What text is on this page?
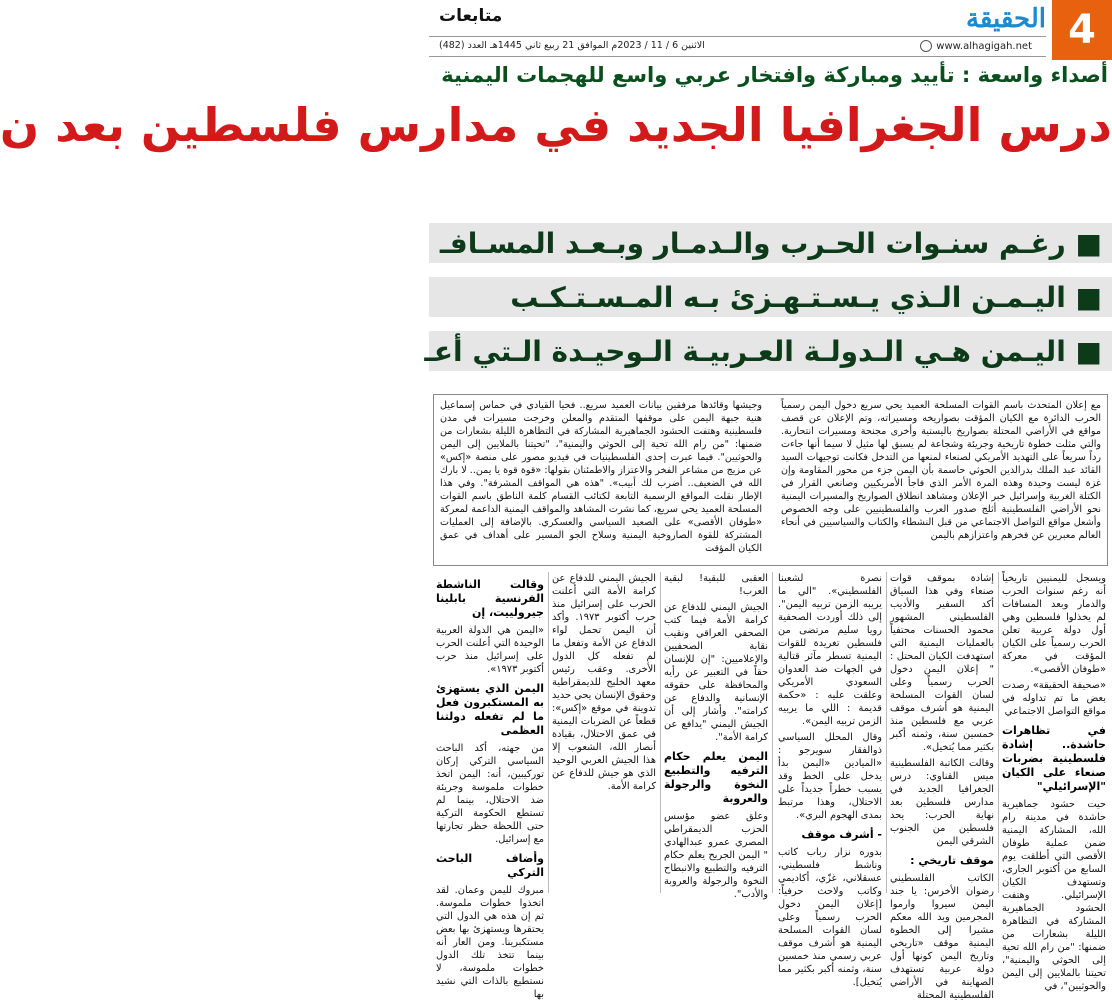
4
الحقيقة
www.alhagigah.net
متابعات
الاثنين 6 / 11 / 2023م الموافق 21 ربيع ثاني 1445هـ العدد (482)
أصداء واسعة : تأييد ومباركة وافتخار عربي واسع للهجمات اليمنية
درس الجغرافيا الجديد في مدارس فلسطين بعد ن
■ رغـم سنـوات الحـرب والـدمـار وبـعـد المسـافـ
■ اليـمـن الـذي يـسـتـهـزئ بـه المـسـتـكـب
■ اليـمن هـي الـدولـة العـربيـة الـوحيـدة الـتي أعـ
مع إعلان المتحدث باسم القوات المسلحة العميد يحي سريع دخول اليمن رسمياً الحرب الدائرة مع الكيان المؤقت بصواريخه ومسيراته، وتم الإعلان عن قصف مواقع في الأراضي المحتلة بصواريخ باليستية وأخرى مجنحة ومسيرات انتحارية. والتي مثلت خطوة تاريخية وجريئة وشجاعة لم يسبق لها مثيل لا سيما أنها جاءت رداً سريعاً على التهديد الأمريكي لصنعاء لمنعها من التدخل فكانت توجيهات السيد القائد عبد الملك بدرالدين الحوثي حاسمة بأن اليمن جزء من محور المقاومة وإن غزة ليست وحيدة وهذه المرة الأمر الذي فاجأ الأمريكيين وصانعي القرار في الكتلة الغربية وإسرائيل خبر الإعلان ومشاهد انطلاق الصواريخ والمسيرات اليمنية نحو الأراضي الفلسطينية أثلج صدور العرب والفلسطينيين على وجه الخصوص وأشعل مواقع التواصل الاجتماعي من قبل النشطاء والكتاب والسياسيين في أنحاء العالم معبرين عن فخرهم واعتزازهم باليمن
وجيشها وقائدها مرفقين بيانات العميد سريع.. فحيا القيادي في حماس إسماعيل هنية جبهة اليمن على موقفها المتقدم والمعلن وخرجت مسيرات في مدن فلسطينية وهتفت الحشود الجماهيرية المشاركة في التظاهرة الليلة بشعارات من ضمنها: "من رام الله تحية إلى الحوثي واليمنية"، "تحيتنا بالملايين إلى اليمن والحوثيين". فيما عبرت إحدى الفلسطينيات في فيديو مصور على منصة «إكس» عن مزيج من مشاعر الفخر والاعتزاز والاطمئنان بقولها: «قوة قوة يا يمن.. لا بارك الله في الضعيف.. أضرب لك أبيب». "هذه هي المواقف المشرفة". وفي هذا الإطار نقلت المواقع الرسمية التابعة لكتائب القسام كلمة الناطق باسم القوات المسلحة العميد يحي سريع، كما نشرت المشاهد والمواقف اليمنية الداعمة لمعركة «طوفان الأقصى» على الصعيد السياسي والعسكري. بالإضافة إلى العمليات المشتركة للقوة الصاروخية اليمنية وسلاح الجو المسير على أهداف في عمق الكيان المؤقت

ويسجل لليمنيين تاريخياً أنه رغم سنوات الحرب والدمار وبعد المسافات لم يخذلوا فلسطين وهي أول دولة عربية تعلن الحرب رسمياً على الكيان المؤقت في معركة «طوفان الأقصى».

«صحيفة الحقيقة» رصدت بعض ما تم تداوله في مواقع التواصل الاجتماعي

في تظاهرات حاشدة.. إشادة فلسطينية بضربات صنعاء على الكيان "الإسرائيلي"

حيت حشود جماهيرية حاشدة في مدينة رام الله، المشاركة اليمنية ضمن عملية طوفان الأقصى التي أطلقت يوم السابع من أكتوبر الجاري، وتستهدف الكيان الإسرائيلي. وهتفت الحشود الجماهيرية المشاركة في التظاهرة الليلة بشعارات من ضمنها: "من رام الله تحية إلى الحوثي واليمنية"، تحيتنا بالملايين إلى اليمن والحوثيين"، في

إشادة بموقف قوات صنعاء وفي هذا السياق أكد السفير والأديب الفلسطيني المشهور محمود الحسنات محتفياً بالعمليات اليمنية التي استهدفت الكيان المحتل : " إعلان اليمن دخول الحرب رسمياً وعلى لسان القوات المسلحة اليمنية هو أشرف موقف عربي مع فلسطين منذ خمسين سنة، وثمنه أكبر بكثير مما يُتخيل».

وقالت الكاتبة الفلسطينية ميس القناوي: درس الجغرافيا الجديد في مدارس فلسطين بعد نهاية الحرب: يحد فلسطين من الجنوب الشرقي اليمن

موقف تاريخي :

الكاتب الفلسطيني رضوان الأخرس: يا جند اليمن سيروا وارموا المجرمين ويد الله معكم مشيرا إلى الخطوة اليمنية موقف «تاريخي وتاريخ اليمن كونها أول دولة عربية تستهدف الصهاينة في الأراضي الفلسطينية المحتلة

نصرة لشعبنا الفلسطيني». "الي ما يريبه الزمن تربيه اليمن". إلى ذلك أوردت الصحفية رويا سليم مرتضى من فلسطين تغريدة للقوات اليمنية تسطر مآثر قتالية في الجهات ضد العدوان السعودي الأمريكي وعلقت عليه : «حكمة قديمة : اللي ما يربيه الزمن تربيه اليمن».

وقال المحلل السياسي ذوالفقار سويرجو : «الميادين «اليمن بدأ يدخل على الخط وقد يسبب خطراً جديداً على الاحتلال، وهذا مرتبط بمدى الهجوم البري».

- أشرف موقف

بدوره نزار رباب كاتب وناشط فلسطيني، عسقلاني، غزّي، أكاديمي وكاتب ولاحث حرفياً: [إعلان اليمن دخول الحرب رسمياً وعلى لسان القوات المسلحة اليمنية هو أشرف موقف عربي رسمي منذ خمسين سنة، وثمنه أكبر بكثير مما يُتخيل].

العقبى للبقية! لبقية العرب!

الجيش اليمني للدفاع عن كرامة الأمة فيما كتب الصحفي العراقي ونقيب نقابة الصحفيين والإعلاميين: "إن للإنسان حقاً في التعبير عن رأيه والمحافظة على حقوقه الإنسانية والدفاع عن كرامته". وأشار إلى أن الجيش اليمني "يدافع عن كرامة الأمة".

اليمن يعلم حكام الترفيه والتطبيع النخوة والرجولة والعروبة

وعلق عضو مؤسس الحزب الديمقراطي المصري عمرو عبدالهادي " اليمن الجريح يعلم حكام الترفيه والتطبيع والانبطاح النخوة والرجولة والعروبة والأدب".

الجيش اليمني للدفاع عن كرامة الأمة التي أعلنت الحرب على إسرائيل منذ حرب أكتوبر ١٩٧٣. وأكد أن اليمن تحمل لواء الدفاع عن الأمة وتفعل ما لم تفعله كل الدول الأخرى. وعقب رئيس معهد الخليج للديمقراطية وحقوق الإنسان يحي حديد تدوينة في موقع «إكس»: قطعاً عن الضربات اليمنية في عمق الاحتلال، بقيادة أنصار الله، الشعوب إلا هذا الجيش العربي الوحيد الذي هو جيش للدفاع عن كرامة الأمة.

وقالت الناشطة الفرنسية بابلينا جيرولييت، إن

«اليمن هي الدولة العربية الوحيدة التي أعلنت الحرب على إسرائيل منذ حرب أكتوبر ١٩٧٣».

اليمن الذي يستهزئ به المستكبرون فعل ما لم تفعله دولتنا العظمى

من جهته، أكد الباحث السياسي التركي إركان توركيبين، أنه: اليمن اتخذ خطوات ملموسة وجريئة ضد الاحتلال، بينما لم تستطع الحكومة التركية حتى اللحظة حظر تجارتها مع إسرائيل.

وأضاف الباحث التركي

مبروك لليمن وعمان. لقد اتخذوا خطوات ملموسة. ثم إن هذه هي الدول التي يحتقرها ويستهزئ بها بعض مستكبرينا. ومن العار أنه بينما تتخذ تلك الدول خطوات ملموسة، لا نستطيع بالذات التي نشيد بها
